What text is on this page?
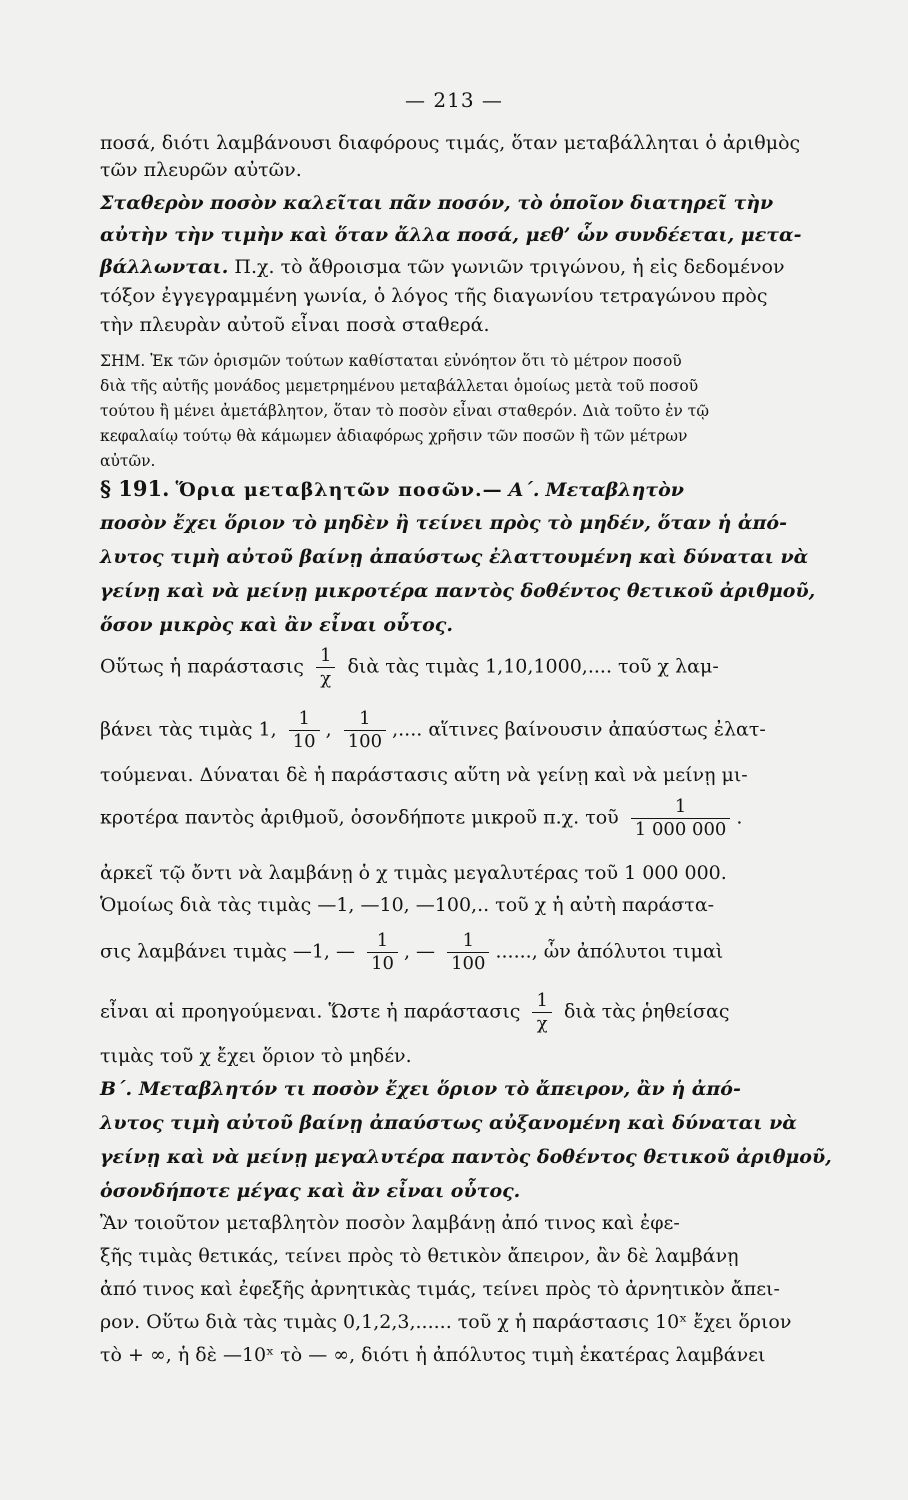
— 213 —
ποσά, διότι λαμβάνουσι διαφόρους τιμάς, ὅταν μεταβάλληται ὁ ἀριθμὸς
τῶν πλευρῶν αὐτῶν.
Σταθερὸν ποσὸν καλεῖται πᾶν ποσόν, τὸ ὁποῖον διατηρεῖ τὴν
αὐτὴν τὴν τιμὴν καὶ ὅταν ἄλλα ποσά, μεθ’ ὧν συνδέεται, μετα-
βάλλωνται. Π.χ. τὸ ἄθροισμα τῶν γωνιῶν τριγώνου, ἡ εἰς δεδομένον
τόξον ἐγγεγραμμένη γωνία, ὁ λόγος τῆς διαγωνίου τετραγώνου πρὸς
τὴν πλευρὰν αὐτοῦ εἶναι ποσὰ σταθερά.
ΣΗΜ. Ἐκ τῶν ὁρισμῶν τούτων καθίσταται εὐνόητον ὅτι τὸ μέτρον ποσοῦ
διὰ τῆς αὐτῆς μονάδος μεμετρημένου μεταβάλλεται ὁμοίως μετὰ τοῦ ποσοῦ
τούτου ἢ μένει ἀμετάβλητον, ὅταν τὸ ποσὸν εἶναι σταθερόν. Διὰ τοῦτο ἐν τῷ
κεφαλαίῳ τούτῳ θὰ κάμωμεν ἀδιαφόρως χρῆσιν τῶν ποσῶν ἢ τῶν μέτρων
αὐτῶν.
§ 191. Ὅρια μεταβλητῶν ποσῶν.— Α΄. Μεταβλητὸν
ποσὸν ἔχει ὅριον τὸ μηδὲν ἢ τείνει πρὸς τὸ μηδέν, ὅταν ἡ ἀπό-
λυτος τιμὴ αὐτοῦ βαίνῃ ἀπαύστως ἐλαττουμένη καὶ δύναται νὰ
γείνῃ καὶ νὰ μείνῃ μικροτέρα παντὸς δοθέντος θετικοῦ ἀριθμοῦ,
ὅσον μικρὸς καὶ ἂν εἶναι οὗτος.
Οὕτως ἡ παράστασις $\frac{1}{\chi}$ διὰ τὰς τιμὰς 1,10,1000,.... τοῦ χ λαμ-
βάνει τὰς τιμὰς 1, $\frac{1}{10}$ , $\frac{1}{100}$ ,.... αἵτινες βαίνουσιν ἀπαύστως ἐλατ-
τούμεναι. Δύναται δὲ ἡ παράστασις αὕτη νὰ γείνῃ καὶ νὰ μείνῃ μι-
κροτέρα παντὸς ἀριθμοῦ, ὁσονδήποτε μικροῦ π.χ. τοῦ $\frac{1}{1 000 000}$ .
ἀρκεῖ τῷ ὄντι νὰ λαμβάνῃ ὁ χ τιμὰς μεγαλυτέρας τοῦ 1 000 000.
Ὁμοίως διὰ τὰς τιμὰς —1, —10, —100,.. τοῦ χ ἡ αὐτὴ παράστα-
σις λαμβάνει τιμὰς —1, — $\frac{1}{10}$ , — $\frac{1}{100}$ ......, ὧν ἀπόλυτοι τιμαὶ
εἶναι αἱ προηγούμεναι. Ὥστε ἡ παράστασις $\frac{1}{\chi}$ διὰ τὰς ῥηθείσας
τιμὰς τοῦ χ ἔχει ὅριον τὸ μηδέν.
Β΄. Μεταβλητόν τι ποσὸν ἔχει ὅριον τὸ ἄπειρον, ἂν ἡ ἀπό-
λυτος τιμὴ αὐτοῦ βαίνῃ ἀπαύστως αὐξανομένη καὶ δύναται νὰ
γείνῃ καὶ νὰ μείνῃ μεγαλυτέρα παντὸς δοθέντος θετικοῦ ἀριθμοῦ,
ὁσονδήποτε μέγας καὶ ἂν εἶναι οὗτος.
Ἂν τοιοῦτον μεταβλητὸν ποσὸν λαμβάνῃ ἀπό τινος καὶ ἐφε-
ξῆς τιμὰς θετικάς, τείνει πρὸς τὸ θετικὸν ἄπειρον, ἂν δὲ λαμβάνῃ
ἀπό τινος καὶ ἐφεξῆς ἀρνητικὰς τιμάς, τείνει πρὸς τὸ ἀρνητικὸν ἄπει-
ρον. Οὕτω διὰ τὰς τιμὰς 0,1,2,3,...... τοῦ χ ἡ παράστασις 10ˣ ἔχει ὅριον
τὸ + ∞, ἡ δὲ —10ˣ τὸ — ∞, διότι ἡ ἀπόλυτος τιμὴ ἑκατέρας λαμβάνει
